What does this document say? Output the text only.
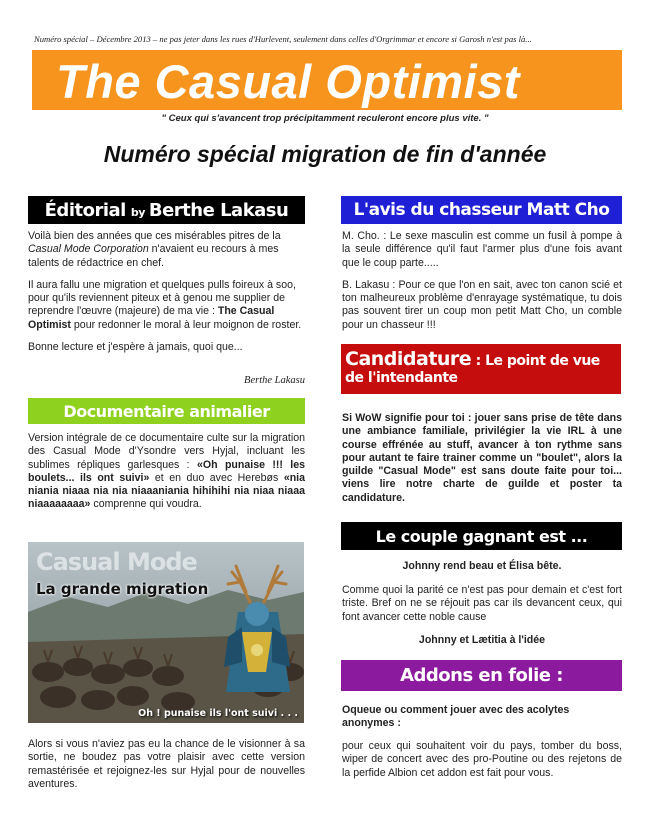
Numéro spécial – Décembre 2013 – ne pas jeter dans les rues d'Hurlevent, seulement dans celles d'Orgrimmar et encore si Garosh n'est pas là...
The Casual Optimist
" Ceux qui s'avancent trop précipitamment reculeront encore plus vite. "
Numéro spécial migration de fin d'année
Éditorial by Berthe Lakasu

Voilà bien des années que ces misérables pitres de la Casual Mode Corporation n'avaient eu recours à mes talents de rédactrice en chef.

Il aura fallu une migration et quelques pulls foireux à soo, pour qu'ils reviennent piteux et à genou me supplier de reprendre l'œuvre (majeure) de ma vie : The Casual Optimist pour redonner le moral à leur moignon de roster.

Bonne lecture et j'espère à jamais, quoi que...

Berthe Lakasu
Documentaire animalier
Version intégrale de ce documentaire culte sur la migration des Casual Mode d'Ysondre vers Hyjal, incluant les sublimes répliques garlesques : «Oh punaise !!! les boulets... ils ont suivi» et en duo avec Herebøs «nia niania niaaa nia nia niaaaniania hihihihi nia niaa niaaa niaaaaaaaa» comprenne qui voudra.
Casual Mode
La grande migration
Oh ! punaise ils l'ont suivi . . .

Alors si vous n'aviez pas eu la chance de le visionner à sa sortie, ne boudez pas votre plaisir avec cette version remastérisée et rejoignez-les sur Hyjal pour de nouvelles aventures.

L'avis du chasseur Matt Cho

M. Cho. : Le sexe masculin est comme un fusil à pompe à la seule différence qu'il faut l'armer plus d'une fois avant que le coup parte.....

B. Lakasu : Pour ce que l'on en sait, avec ton canon scié et ton malheureux problème d'enrayage systématique, tu dois pas souvent tirer un coup mon petit Matt Cho, un comble pour un chasseur !!!

Candidature : Le point de vue
de l'intendante

Si WoW signifie pour toi : jouer sans prise de tête dans une ambiance familiale, privilégier la vie IRL à une course effrénée au stuff, avancer à ton rythme sans pour autant te faire trainer comme un "boulet", alors la guilde "Casual Mode" est sans doute faite pour toi... viens lire notre charte de guilde et poster ta candidature.

Le couple gagnant est ...
Johnny rend beau et Élisa bête.

Comme quoi la parité ce n'est pas pour demain et c'est fort triste. Bref on ne se réjouit pas car ils devancent ceux, qui font avancer cette noble cause

Johnny et Lætitia à l'idée
Addons en folie :

Oqueue ou comment jouer avec des acolytes anonymes :

pour ceux qui souhaitent voir du pays, tomber du boss, wiper de concert avec des pro-Poutine ou des rejetons de la perfide Albion cet addon est fait pour vous.
